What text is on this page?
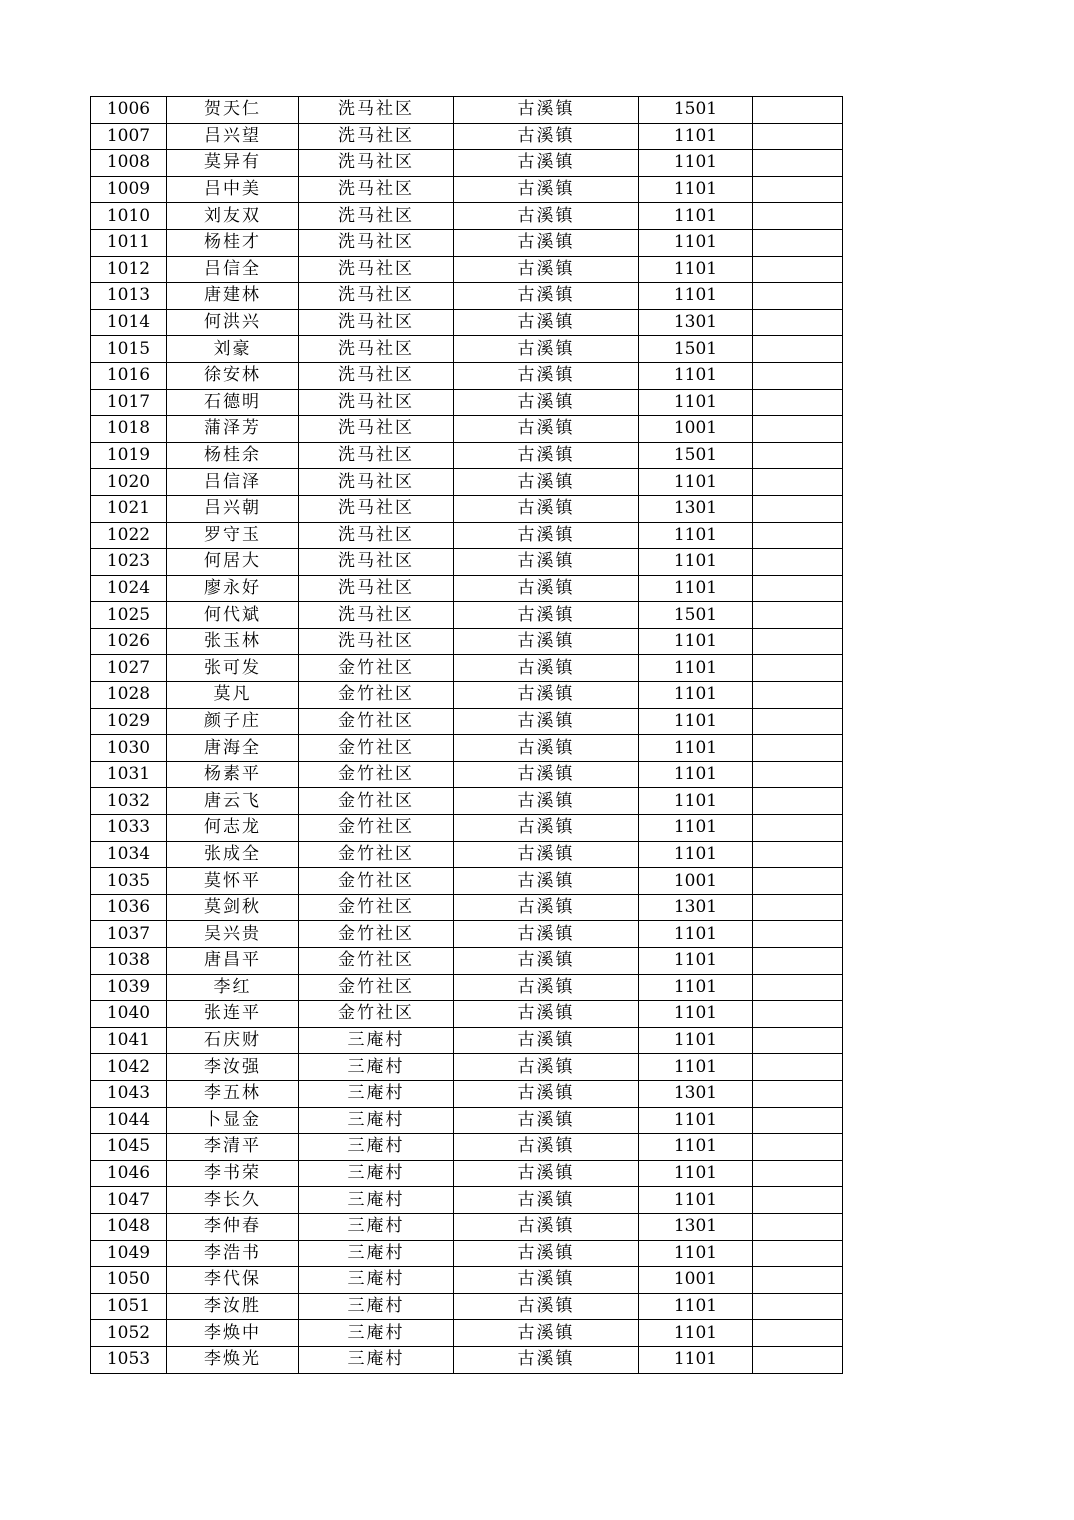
1006	贺天仁	洗马社区	古溪镇	1501	
1007	吕兴望	洗马社区	古溪镇	1101	
1008	莫异有	洗马社区	古溪镇	1101	
1009	吕中美	洗马社区	古溪镇	1101	
1010	刘友双	洗马社区	古溪镇	1101	
1011	杨桂才	洗马社区	古溪镇	1101	
1012	吕信全	洗马社区	古溪镇	1101	
1013	唐建林	洗马社区	古溪镇	1101	
1014	何洪兴	洗马社区	古溪镇	1301	
1015	刘豪	洗马社区	古溪镇	1501	
1016	徐安林	洗马社区	古溪镇	1101	
1017	石德明	洗马社区	古溪镇	1101	
1018	蒲泽芳	洗马社区	古溪镇	1001	
1019	杨桂余	洗马社区	古溪镇	1501	
1020	吕信泽	洗马社区	古溪镇	1101	
1021	吕兴朝	洗马社区	古溪镇	1301	
1022	罗守玉	洗马社区	古溪镇	1101	
1023	何居大	洗马社区	古溪镇	1101	
1024	廖永好	洗马社区	古溪镇	1101	
1025	何代斌	洗马社区	古溪镇	1501	
1026	张玉林	洗马社区	古溪镇	1101	
1027	张可发	金竹社区	古溪镇	1101	
1028	莫凡	金竹社区	古溪镇	1101	
1029	颜子庄	金竹社区	古溪镇	1101	
1030	唐海全	金竹社区	古溪镇	1101	
1031	杨素平	金竹社区	古溪镇	1101	
1032	唐云飞	金竹社区	古溪镇	1101	
1033	何志龙	金竹社区	古溪镇	1101	
1034	张成全	金竹社区	古溪镇	1101	
1035	莫怀平	金竹社区	古溪镇	1001	
1036	莫剑秋	金竹社区	古溪镇	1301	
1037	吴兴贵	金竹社区	古溪镇	1101	
1038	唐昌平	金竹社区	古溪镇	1101	
1039	李红	金竹社区	古溪镇	1101	
1040	张连平	金竹社区	古溪镇	1101	
1041	石庆财	三庵村	古溪镇	1101	
1042	李汝强	三庵村	古溪镇	1101	
1043	李五林	三庵村	古溪镇	1301	
1044	卜显金	三庵村	古溪镇	1101	
1045	李清平	三庵村	古溪镇	1101	
1046	李书荣	三庵村	古溪镇	1101	
1047	李长久	三庵村	古溪镇	1101	
1048	李仲春	三庵村	古溪镇	1301	
1049	李浩书	三庵村	古溪镇	1101	
1050	李代保	三庵村	古溪镇	1001	
1051	李汝胜	三庵村	古溪镇	1101	
1052	李焕中	三庵村	古溪镇	1101	
1053	李焕光	三庵村	古溪镇	1101	
